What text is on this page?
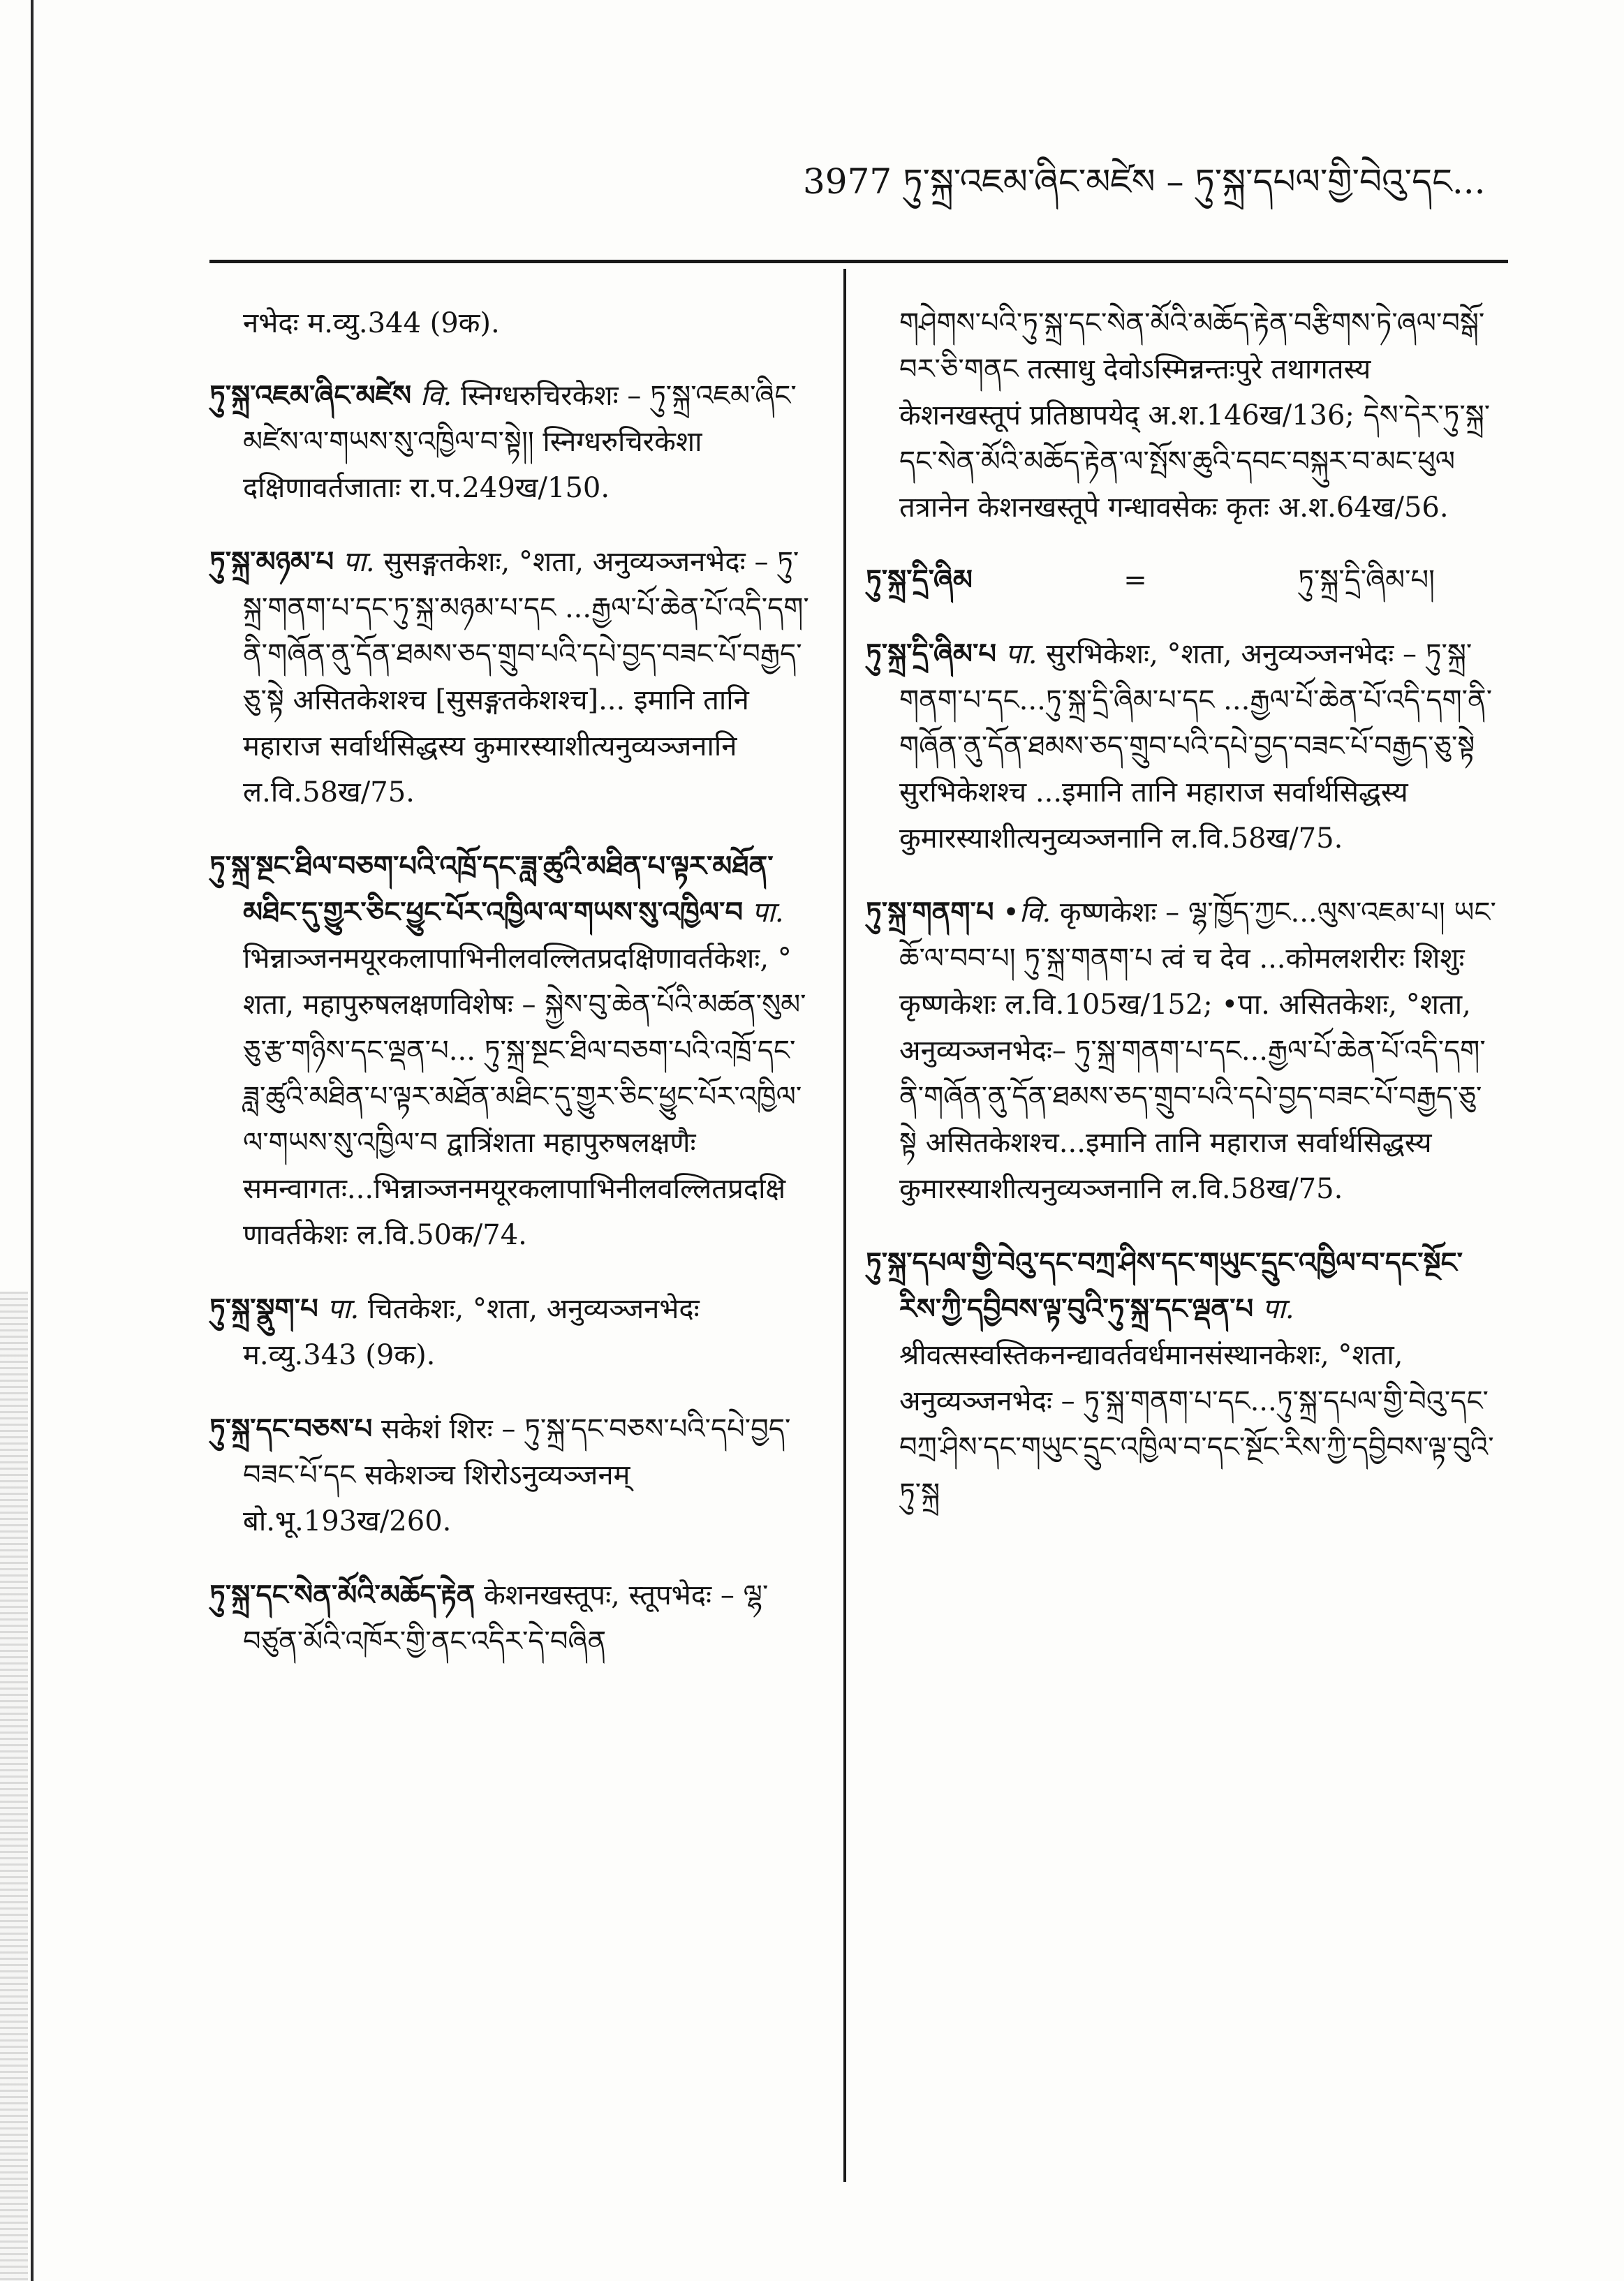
3977 ཏུ་སྐྲ་འཇམ་ཞིང་མཛེས – ཏུ་སྐྲ་དཔལ་གྱི་བེའུ་དང...
नभेदः म.व्यु.344 (9क).
ཏུ་སྐྲ་འཇམ་ཞིང་མཛེས वि. स्निग्धरुचिरकेशः – ཏུ་སྐྲ་འཇམ་ཞིང་མཛེས་ལ་གཡས་སུ་འཁྱིལ་བ་སྟེ།། स्निग्धरुचिरकेशा दक्षिणावर्तजाताः रा.प.249ख/150.
ཏུ་སྐྲ་མཉམ་པ पा. सुसङ्गतकेशः, °शता, अनुव्यञ्जनभेदः – ཏུ་སྐྲ་གནག་པ་དང་ཏུ་སྐྲ་མཉམ་པ་དང ...རྒྱལ་པོ་ཆེན་པོ་འདི་དག་ནི་གཞོན་ནུ་དོན་ཐམས་ཅད་གྲུབ་པའི་དཔེ་བྱད་བཟང་པོ་བརྒྱད་ཅུ་སྟེ असितकेशश्च [सुसङ्गतकेशश्च]... इमानि तानि महाराज सर्वार्थसिद्धस्य कुमारस्याशीत्यनुव्यञ्जनानि ल.वि.58ख/75.
ཏུ་སྐྲ་སྔང་ཐིལ་བཅག་པའི་འཁྲོ་དང་ཟླ་ཚུའི་མཐིན་པ་ལྟར་མཐོན་མཐིང་དུ་གྱུར་ཅིང་ཕྱུང་པོར་འཁྱིལ་ལ་གཡས་སུ་འཁྱིལ་བ पा. भिन्नाञ्जनमयूरकलापाभिनीलवल्लितप्रदक्षिणावर्तकेशः, ° शता, महापुरुषलक्षणविशेषः – སྐྱེས་བུ་ཆེན་པོའི་མཚན་སུམ་ཅུ་རྩ་གཉིས་དང་ལྡན་པ... ཏུ་སྐྲ་སྔང་ཐིལ་བཅག་པའི་འཁྲོ་དང་ཟླ་ཚུའི་མཐིན་པ་ལྟར་མཐོན་མཐིང་དུ་གྱུར་ཅིང་ཕྱུང་པོར་འཁྱིལ་ལ་གཡས་སུ་འཁྱིལ་བ द्वात्रिंशता महापुरुषलक्षणैः समन्वागतः...भिन्नाञ्जनमयूरकलापाभिनीलवल्लितप्रदक्षिणावर्तकेशः ल.वि.50क/74.
ཏུ་སྐྲ་སྣུག་པ पा. चितकेशः, °शता, अनुव्यञ्जनभेदः म.व्यु.343 (9क).
ཏུ་སྐྲ་དང་བཅས་པ सकेशं शिरः – ཏུ་སྐྲ་དང་བཅས་པའི་དཔེ་བྱད་བཟང་པོ་དང सकेशञ्च शिरोऽनुव्यञ्जनम् बो.भू.193ख/260.
ཏུ་སྐྲ་དང་སེན་མོའི་མཆོད་རྟེན केशनखस्तूपः, स्तूपभेदः – ལྷ་བཙུན་མོའི་འཁོར་གྱི་ནང་འདིར་དེ་བཞིན
གཤེགས་པའི་ཏུ་སྐྲ་དང་སེན་མོའི་མཆོད་རྟེན་བརྩིགས་ཏེ་ཞལ་བསྒོ་བར་ཅི་གནང तत्साधु देवोऽस्मिन्नन्तःपुरे तथागतस्य केशनखस्तूपं प्रतिष्ठापयेद् अ.श.146ख/136; དེས་དེར་ཏུ་སྐྲ་དང་སེན་མོའི་མཆོད་རྟེན་ལ་སྤོས་ཆུའི་དབང་བསྐུར་བ་མང་ཕུལ तत्रानेन केशनखस्तूपे गन्धावसेकः कृतः अ.श.64ख/56.
ཏུ་སྐྲ་དྲི་ཞིམ	=	ཏུ་སྐྲ་དྲི་ཞིམ་པ།
ཏུ་སྐྲ་དྲི་ཞིམ་པ पा. सुरभिकेशः, °शता, अनुव्यञ्जनभेदः – ཏུ་སྐྲ་གནག་པ་དང...ཏུ་སྐྲ་དྲི་ཞིམ་པ་དང ...རྒྱལ་པོ་ཆེན་པོ་འདི་དག་ནི་གཞོན་ནུ་དོན་ཐམས་ཅད་གྲུབ་པའི་དཔེ་བྱད་བཟང་པོ་བརྒྱད་ཅུ་སྟེ सुरभिकेशश्च ...इमानि तानि महाराज सर्वार्थसिद्धस्य कुमारस्याशीत्यनुव्यञ्जनानि ल.वि.58ख/75.
ཏུ་སྐྲ་གནག་པ •वि. कृष्णकेशः – ལྷ་ཁྱོད་ཀྱང...ལུས་འཇམ་པ། ཡང་ཆོ་ལ་བབ་པ། ཏུ་སྐྲ་གནག་པ त्वं च देव ...कोमलशरीरः शिशुः कृष्णकेशः ल.वि.105ख/152; •पा. असितकेशः, °शता, अनुव्यञ्जनभेदः– ཏུ་སྐྲ་གནག་པ་དང...རྒྱལ་པོ་ཆེན་པོ་འདི་དག་ནི་གཞོན་ནུ་དོན་ཐམས་ཅད་གྲུབ་པའི་དཔེ་བྱད་བཟང་པོ་བརྒྱད་ཅུ་སྟེ असितकेशश्च...इमानि तानि महाराज सर्वार्थसिद्धस्य कुमारस्याशीत्यनुव्यञ्जनानि ल.वि.58ख/75.
ཏུ་སྐྲ་དཔལ་གྱི་བེའུ་དང་བཀྲ་ཤིས་དང་གཡུང་དྲུང་འཁྱིལ་བ་དང་སྔོང་རིས་ཀྱི་དབྱིབས་ལྟ་བུའི་ཏུ་སྐྲ་དང་ལྡན་པ पा. श्रीवत्सस्वस्तिकनन्द्यावर्तवर्धमानसंस्थानकेशः, °शता, अनुव्यञ्जनभेदः – ཏུ་སྐྲ་གནག་པ་དང...ཏུ་སྐྲ་དཔལ་གྱི་བེའུ་དང་བཀྲ་ཤིས་དང་གཡུང་དྲུང་འཁྱིལ་བ་དང་སྔོང་རིས་ཀྱི་དབྱིབས་ལྟ་བུའི་ཏུ་སྐྲ
